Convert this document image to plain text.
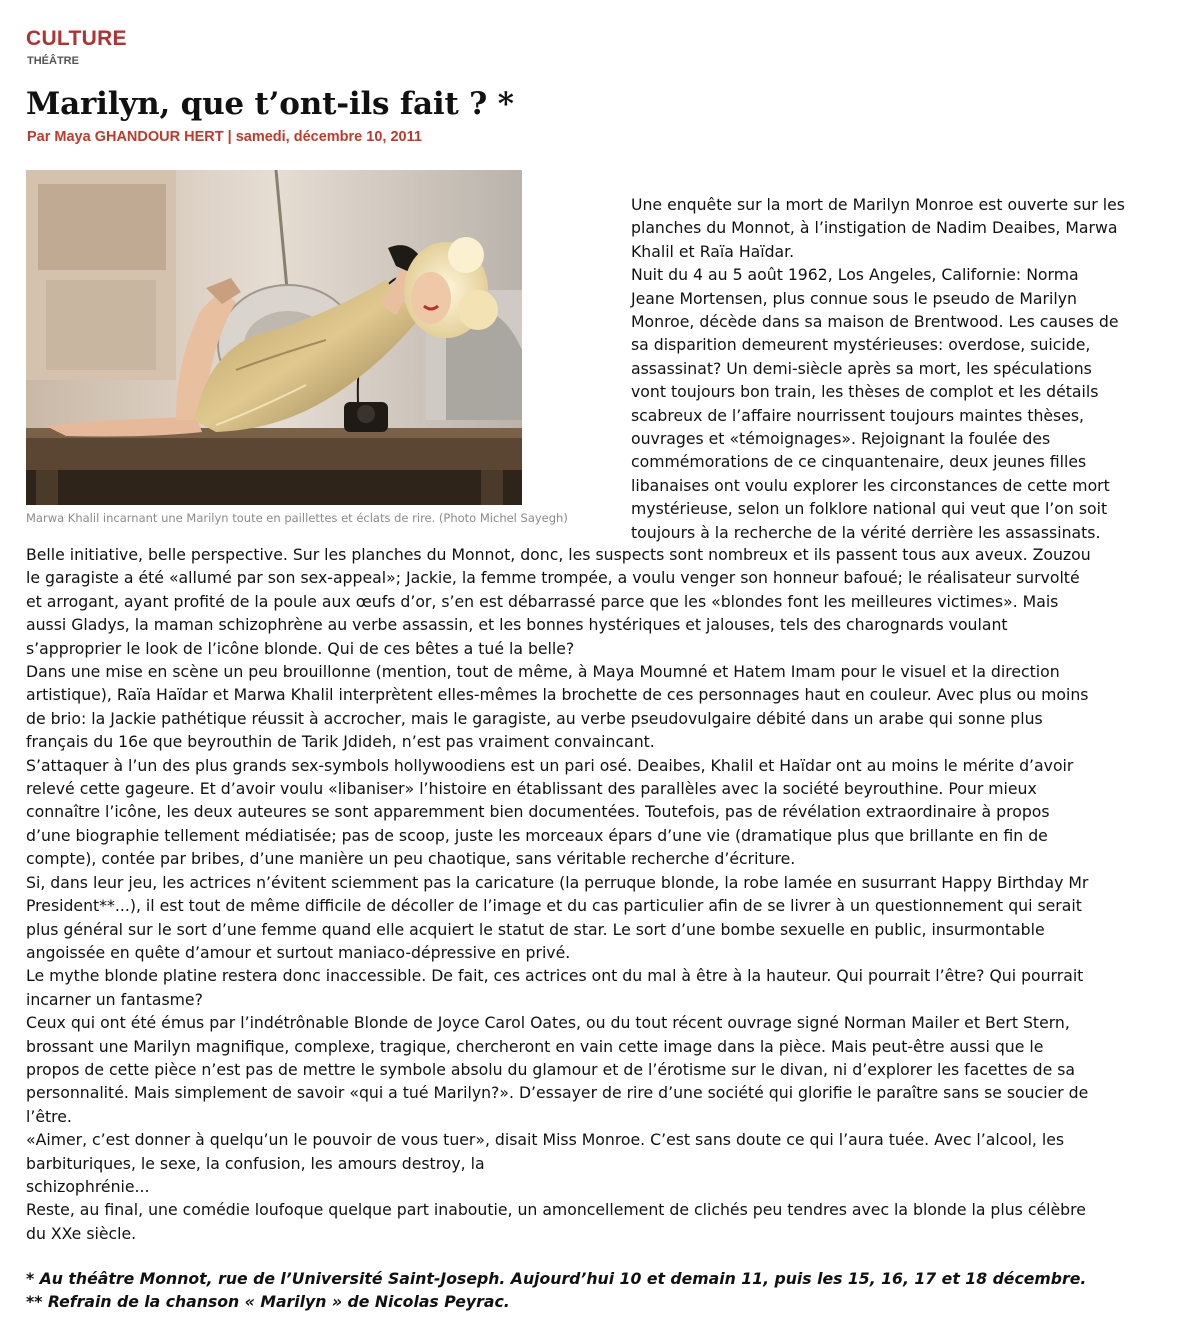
CULTURE
THÉÂTRE
Marilyn, que t’ont-ils fait ? *
Par Maya GHANDOUR HERT | samedi, décembre 10, 2011
Marwa Khalil incarnant une Marilyn toute en paillettes et éclats de rire. (Photo Michel Sayegh)
Une enquête sur la mort de Marilyn Monroe est ouverte sur les
planches du Monnot, à l’instigation de Nadim Deaibes, Marwa
Khalil et Raïa Haïdar.
Nuit du 4 au 5 août 1962, Los Angeles, Californie: Norma
Jeane Mortensen, plus connue sous le pseudo de Marilyn
Monroe, décède dans sa maison de Brentwood. Les causes de
sa disparition demeurent mystérieuses: overdose, suicide,
assassinat? Un demi-siècle après sa mort, les spéculations
vont toujours bon train, les thèses de complot et les détails
scabreux de l’affaire nourrissent toujours maintes thèses,
ouvrages et «témoignages». Rejoignant la foulée des
commémorations de ce cinquantenaire, deux jeunes filles
libanaises ont voulu explorer les circonstances de cette mort
mystérieuse, selon un folklore national qui veut que l’on soit
toujours à la recherche de la vérité derrière les assassinats.
Belle initiative, belle perspective. Sur les planches du Monnot, donc, les suspects sont nombreux et ils passent tous aux aveux. Zouzou
le garagiste a été «allumé par son sex-appeal»; Jackie, la femme trompée, a voulu venger son honneur bafoué; le réalisateur survolté
et arrogant, ayant profité de la poule aux œufs d’or, s’en est débarrassé parce que les «blondes font les meilleures victimes». Mais
aussi Gladys, la maman schizophrène au verbe assassin, et les bonnes hystériques et jalouses, tels des charognards voulant
s’approprier le look de l’icône blonde. Qui de ces bêtes a tué la belle?
Dans une mise en scène un peu brouillonne (mention, tout de même, à Maya Moumné et Hatem Imam pour le visuel et la direction
artistique), Raïa Haïdar et Marwa Khalil interprètent elles-mêmes la brochette de ces personnages haut en couleur. Avec plus ou moins
de brio: la Jackie pathétique réussit à accrocher, mais le garagiste, au verbe pseudovulgaire débité dans un arabe qui sonne plus
français du 16e que beyrouthin de Tarik Jdideh, n’est pas vraiment convaincant.
S’attaquer à l’un des plus grands sex-symbols hollywoodiens est un pari osé. Deaibes, Khalil et Haïdar ont au moins le mérite d’avoir
relevé cette gageure. Et d’avoir voulu «libaniser» l’histoire en établissant des parallèles avec la société beyrouthine. Pour mieux
connaître l’icône, les deux auteures se sont apparemment bien documentées. Toutefois, pas de révélation extraordinaire à propos
d’une biographie tellement médiatisée; pas de scoop, juste les morceaux épars d’une vie (dramatique plus que brillante en fin de
compte), contée par bribes, d’une manière un peu chaotique, sans véritable recherche d’écriture.
Si, dans leur jeu, les actrices n’évitent sciemment pas la caricature (la perruque blonde, la robe lamée en susurrant Happy Birthday Mr
President**...), il est tout de même difficile de décoller de l’image et du cas particulier afin de se livrer à un questionnement qui serait
plus général sur le sort d’une femme quand elle acquiert le statut de star. Le sort d’une bombe sexuelle en public, insurmontable
angoissée en quête d’amour et surtout maniaco-dépressive en privé.
Le mythe blonde platine restera donc inaccessible. De fait, ces actrices ont du mal à être à la hauteur. Qui pourrait l’être? Qui pourrait
incarner un fantasme?
Ceux qui ont été émus par l’indétrônable Blonde de Joyce Carol Oates, ou du tout récent ouvrage signé Norman Mailer et Bert Stern,
brossant une Marilyn magnifique, complexe, tragique, chercheront en vain cette image dans la pièce. Mais peut-être aussi que le
propos de cette pièce n’est pas de mettre le symbole absolu du glamour et de l’érotisme sur le divan, ni d’explorer les facettes de sa
personnalité. Mais simplement de savoir «qui a tué Marilyn?». D’essayer de rire d’une société qui glorifie le paraître sans se soucier de
l’être.
«Aimer, c’est donner à quelqu’un le pouvoir de vous tuer», disait Miss Monroe. C’est sans doute ce qui l’aura tuée. Avec l’alcool, les
barbituriques, le sexe, la confusion, les amours destroy, la
schizophrénie...
Reste, au final, une comédie loufoque quelque part inaboutie, un amoncellement de clichés peu tendres avec la blonde la plus célèbre
du XXe siècle.
* Au théâtre Monnot, rue de l’Université Saint-Joseph. Aujourd’hui 10 et demain 11, puis les 15, 16, 17 et 18 décembre.
** Refrain de la chanson « Marilyn » de Nicolas Peyrac.
